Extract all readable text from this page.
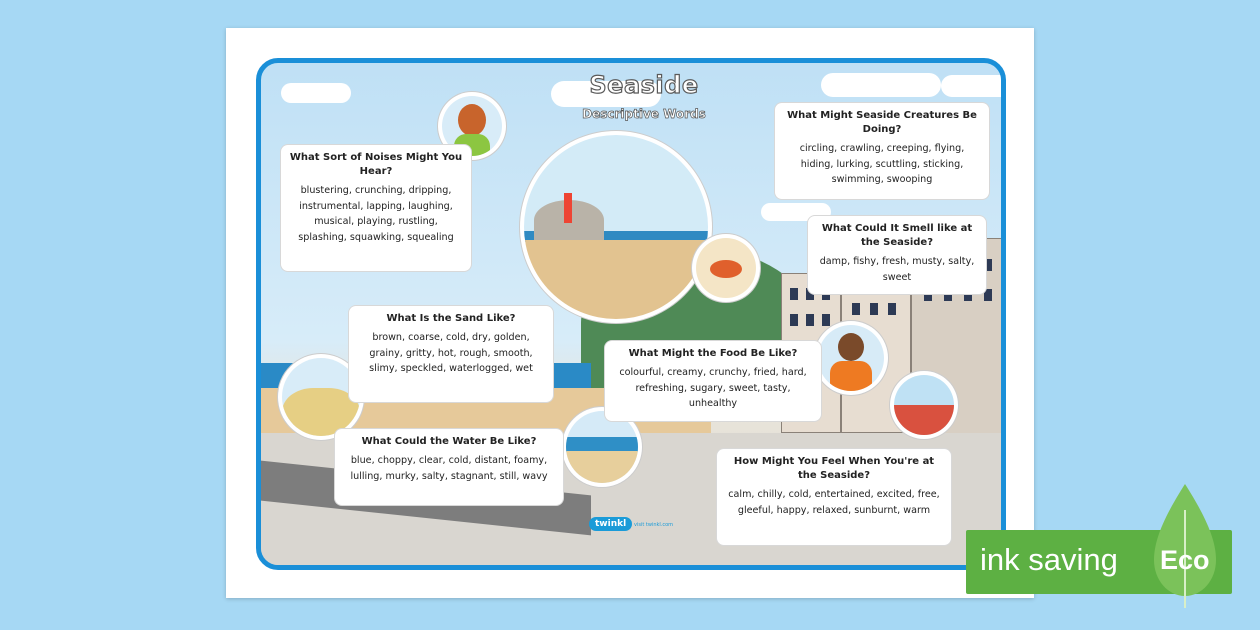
Seaside
Descriptive Words
What Sort of Noises Might You Hear?

blustering, crunching, dripping, instrumental, lapping, laughing, musical, playing, rustling, splashing, squawking, squealing

What Might Seaside Creatures Be Doing?

circling, crawling, creeping, flying, hiding, lurking, scuttling, sticking, swimming, swooping

What Could It Smell like at the Seaside?

damp, fishy, fresh, musty, salty, sweet

What Is the Sand Like?

brown, coarse, cold, dry, golden, grainy, gritty, hot, rough, smooth, slimy, speckled, waterlogged, wet

What Might the Food Be Like?

colourful, creamy, crunchy, fried, hard, refreshing, sugary, sweet, tasty, unhealthy

What Could the Water Be Like?

blue, choppy, clear, cold, distant, foamy, lulling, murky, salty, stagnant, still, wavy

How Might You Feel When You're at the Seaside?

calm, chilly, cold, entertained, excited, free, gleeful, happy, relaxed, sunburnt, warm

twinkl	visit twinkl.com
ink saving Eco
